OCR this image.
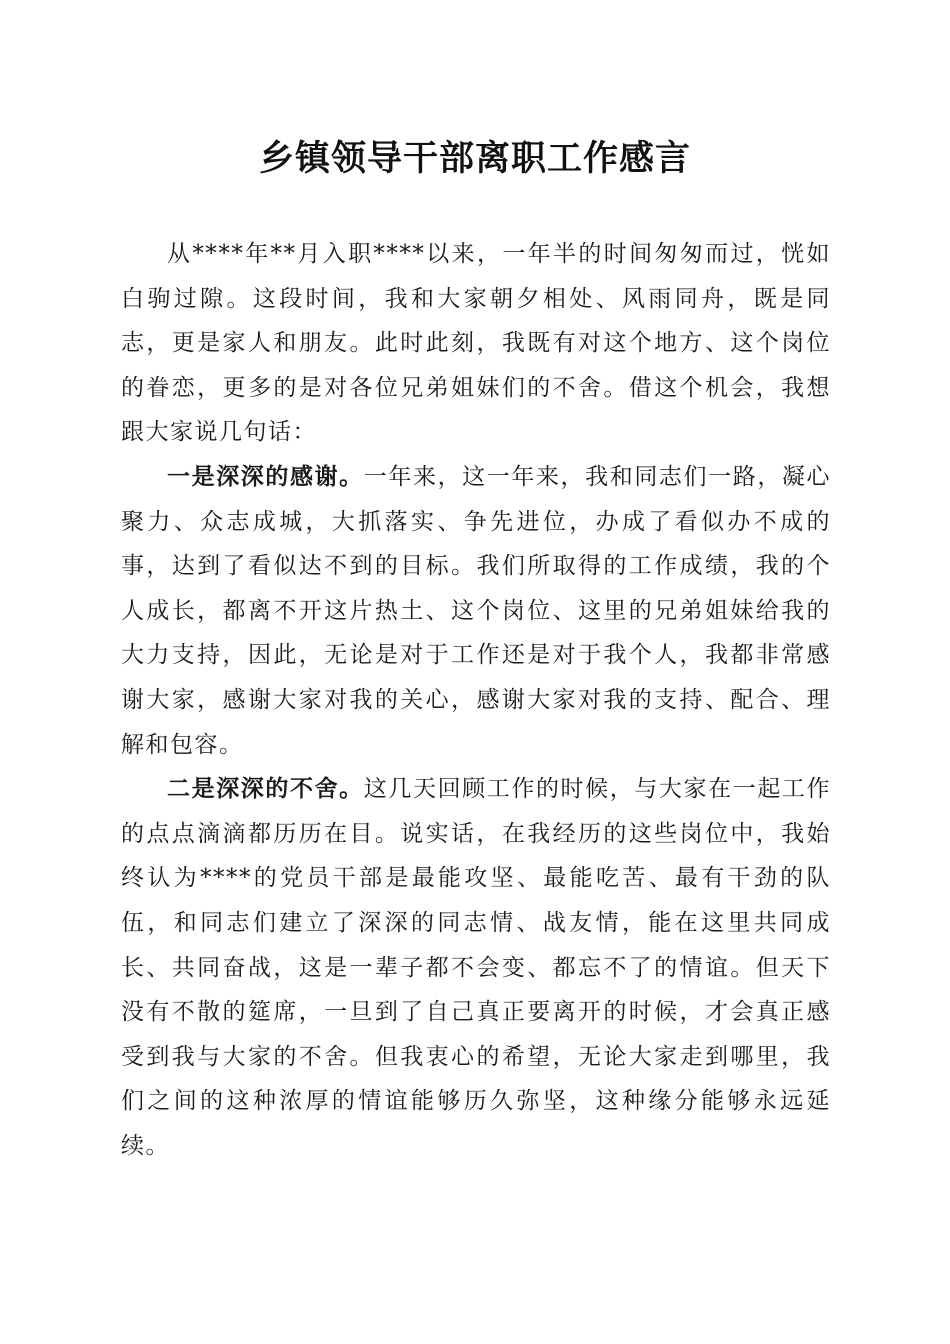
乡镇领导干部离职工作感言

从****年**月入职****以来，一年半的时间匆匆而过，恍如白驹过隙。这段时间，我和大家朝夕相处、风雨同舟，既是同志，更是家人和朋友。此时此刻，我既有对这个地方、这个岗位的眷恋，更多的是对各位兄弟姐妹们的不舍。借这个机会，我想跟大家说几句话：

一是深深的感谢。一年来，这一年来，我和同志们一路，凝心聚力、众志成城，大抓落实、争先进位，办成了看似办不成的事，达到了看似达不到的目标。我们所取得的工作成绩，我的个人成长，都离不开这片热土、这个岗位、这里的兄弟姐妹给我的大力支持，因此，无论是对于工作还是对于我个人，我都非常感谢大家，感谢大家对我的关心，感谢大家对我的支持、配合、理解和包容。

二是深深的不舍。这几天回顾工作的时候，与大家在一起工作的点点滴滴都历历在目。说实话，在我经历的这些岗位中，我始终认为****的党员干部是最能攻坚、最能吃苦、最有干劲的队伍，和同志们建立了深深的同志情、战友情，能在这里共同成长、共同奋战，这是一辈子都不会变、都忘不了的情谊。但天下没有不散的筵席，一旦到了自己真正要离开的时候，才会真正感受到我与大家的不舍。但我衷心的希望，无论大家走到哪里，我们之间的这种浓厚的情谊能够历久弥坚，这种缘分能够永远延续。
